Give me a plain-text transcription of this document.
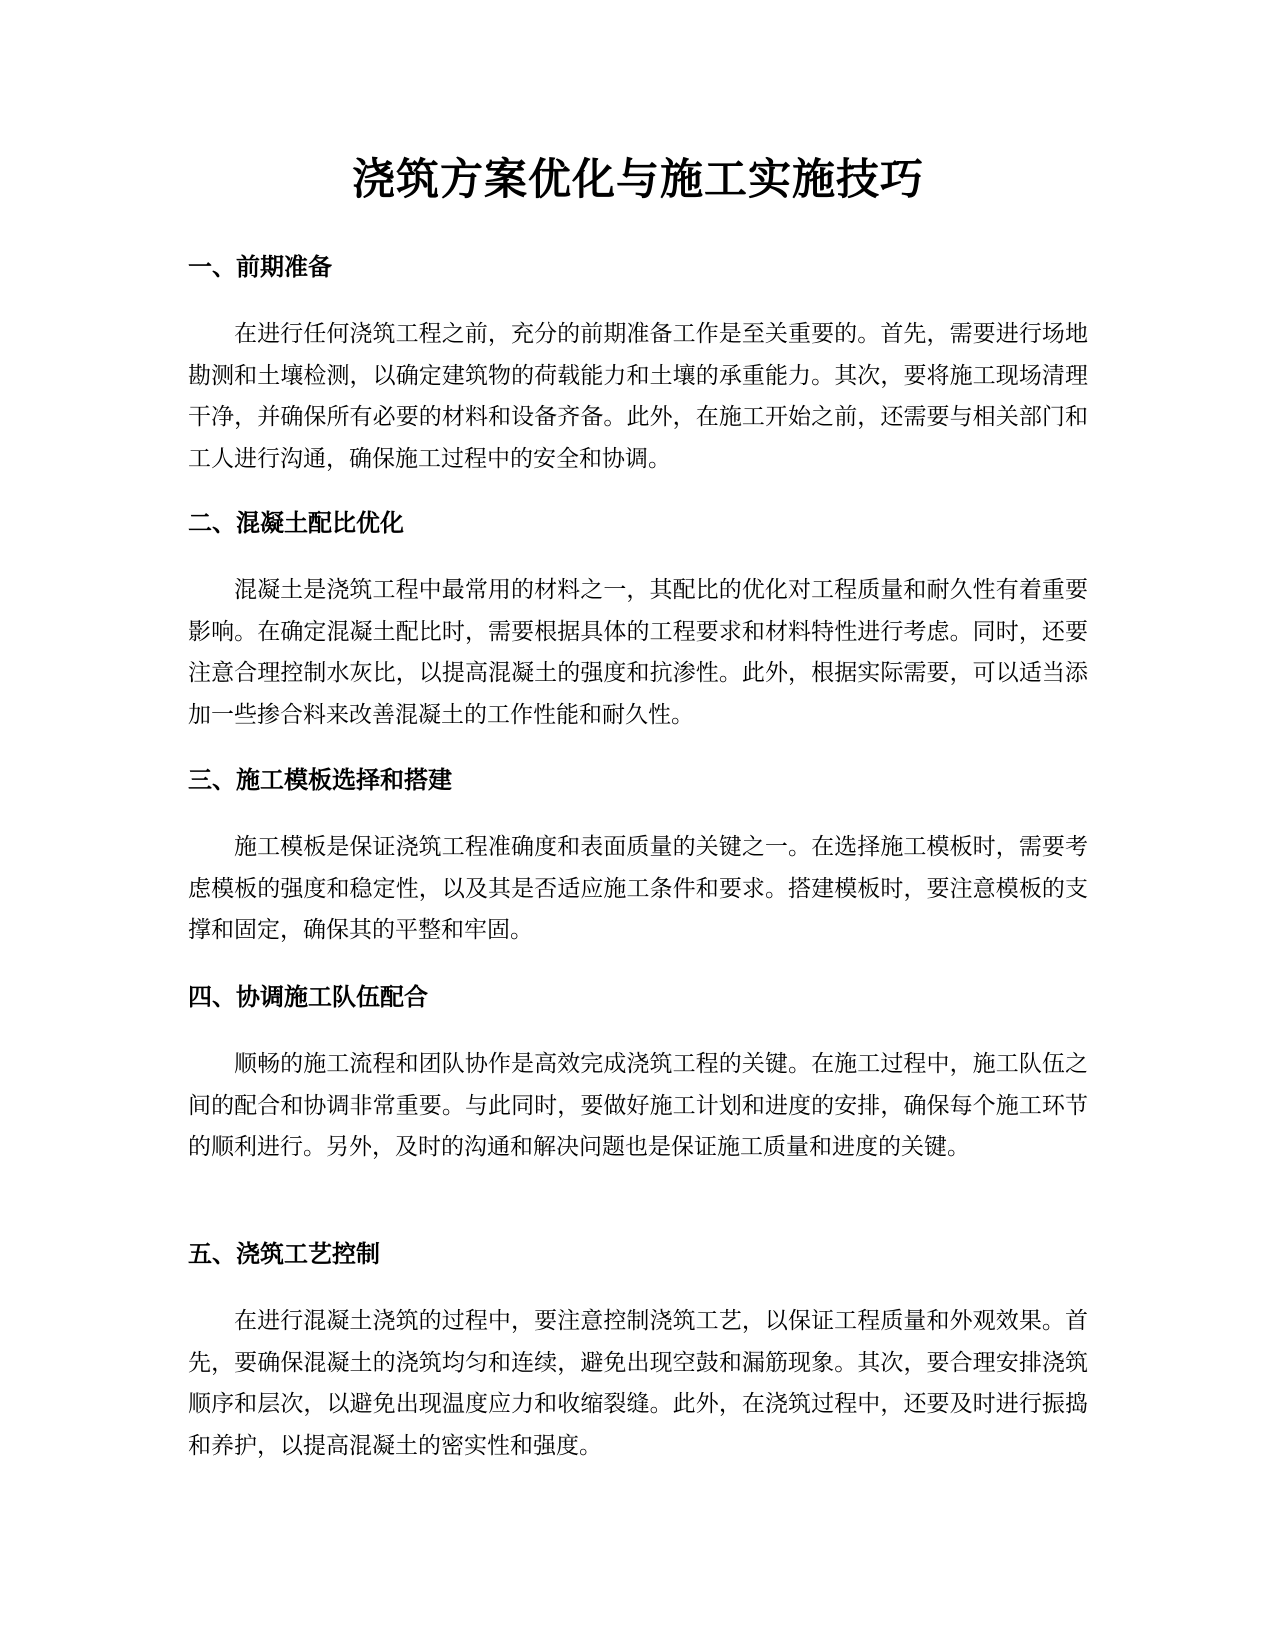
浇筑方案优化与施工实施技巧
一、前期准备

在进行任何浇筑工程之前，充分的前期准备工作是至关重要的。首先，需要进行场地勘测和土壤检测，以确定建筑物的荷载能力和土壤的承重能力。其次，要将施工现场清理干净，并确保所有必要的材料和设备齐备。此外，在施工开始之前，还需要与相关部门和工人进行沟通，确保施工过程中的安全和协调。

二、混凝土配比优化

混凝土是浇筑工程中最常用的材料之一，其配比的优化对工程质量和耐久性有着重要影响。在确定混凝土配比时，需要根据具体的工程要求和材料特性进行考虑。同时，还要注意合理控制水灰比，以提高混凝土的强度和抗渗性。此外，根据实际需要，可以适当添加一些掺合料来改善混凝土的工作性能和耐久性。

三、施工模板选择和搭建

施工模板是保证浇筑工程准确度和表面质量的关键之一。在选择施工模板时，需要考虑模板的强度和稳定性，以及其是否适应施工条件和要求。搭建模板时，要注意模板的支撑和固定，确保其的平整和牢固。

四、协调施工队伍配合

顺畅的施工流程和团队协作是高效完成浇筑工程的关键。在施工过程中，施工队伍之间的配合和协调非常重要。与此同时，要做好施工计划和进度的安排，确保每个施工环节的顺利进行。另外，及时的沟通和解决问题也是保证施工质量和进度的关键。

五、浇筑工艺控制

在进行混凝土浇筑的过程中，要注意控制浇筑工艺，以保证工程质量和外观效果。首先，要确保混凝土的浇筑均匀和连续，避免出现空鼓和漏筋现象。其次，要合理安排浇筑顺序和层次，以避免出现温度应力和收缩裂缝。此外，在浇筑过程中，还要及时进行振捣和养护，以提高混凝土的密实性和强度。
